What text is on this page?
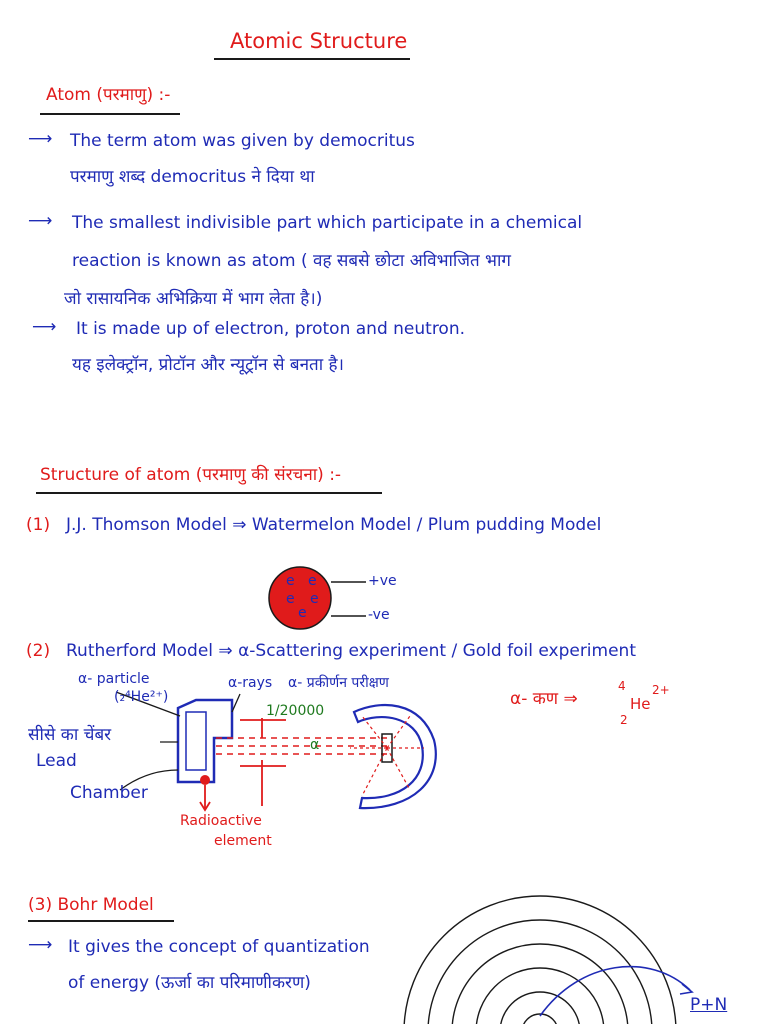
Atomic Structure
Atom (परमाणु) :-
⟶ The term atom was given by democritus
परमाणु शब्द democritus ने दिया था
⟶ The smallest indivisible part which participate in a chemical
reaction is known as atom ( वह सबसे छोटा अविभाजित भाग
जो रासायनिक अभिक्रिया में भाग लेता है।)
⟶ It is made up of electron, proton and neutron.
यह इलेक्ट्रॉन, प्रोटॉन और न्यूट्रॉन से बनता है।
Structure of atom (परमाणु की संरचना) :-
(1) J.J. Thomson Model ⇒ Watermelon Model / Plum pudding Model
e e
e e
e
+ve
-ve
(2) Rutherford Model ⇒ α-Scattering experiment / Gold foil experiment
α- particle
(₂⁴He²⁺)
α-rays α- प्रकीर्णन परीक्षण
सीसे का चेंबर
Lead
Chamber
1/20000
α
Radioactive
element
α- कण ⇒
4
2
He
2+
(3) Bohr Model
⟶ It gives the concept of quantization
of energy (ऊर्जा का परिमाणीकरण)
P+N
